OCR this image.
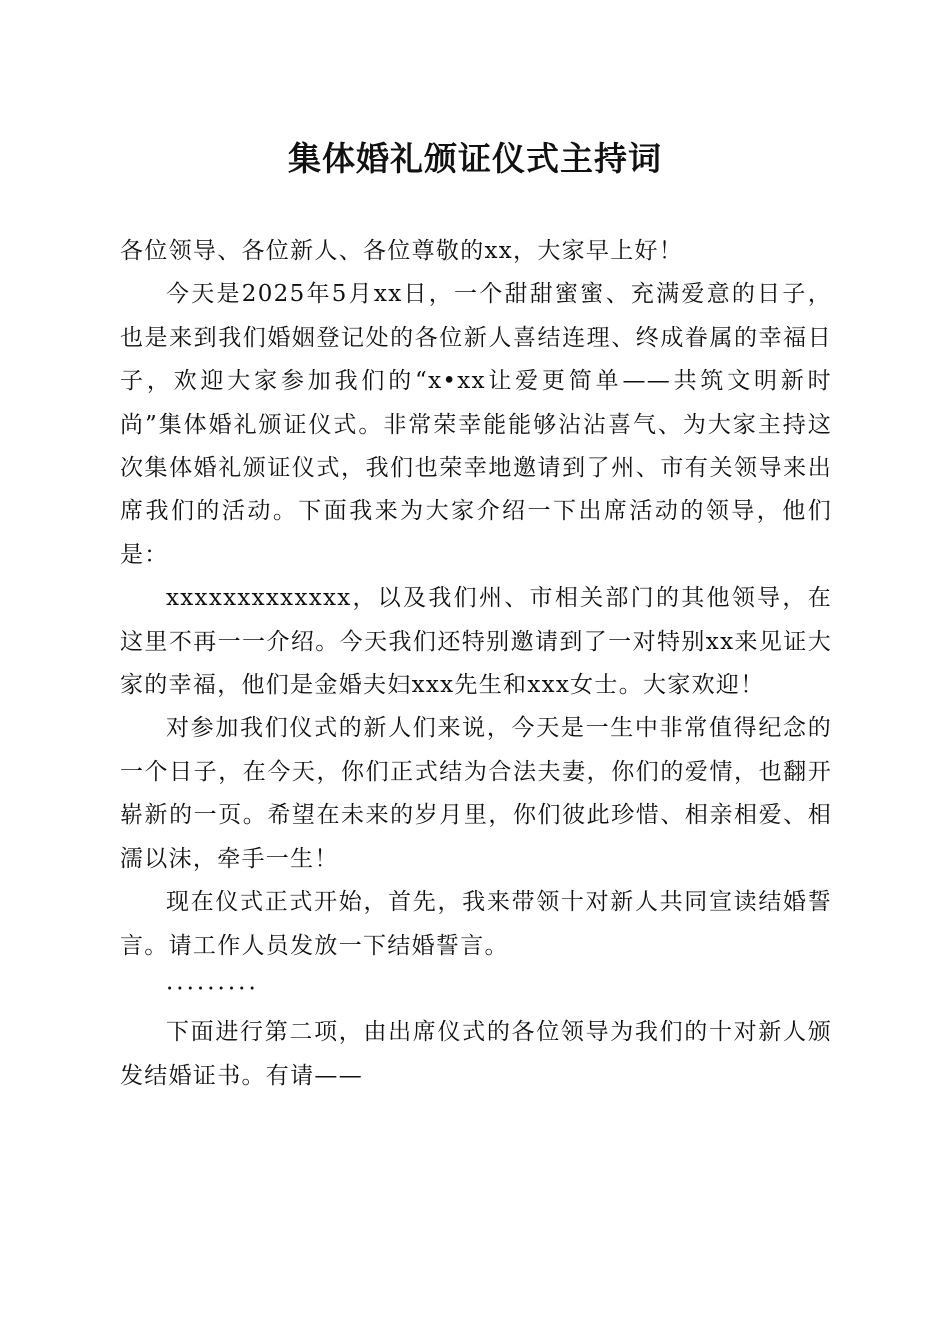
集体婚礼颁证仪式主持词

各位领导、各位新人、各位尊敬的xx，大家早上好！

今天是2025年5月xx日，一个甜甜蜜蜜、充满爱意的日子，也是来到我们婚姻登记处的各位新人喜结连理、终成眷属的幸福日子，欢迎大家参加我们的“x•xx让爱更简单——共筑文明新时尚”集体婚礼颁证仪式。非常荣幸能能够沾沾喜气、为大家主持这次集体婚礼颁证仪式，我们也荣幸地邀请到了州、市有关领导来出席我们的活动。下面我来为大家介绍一下出席活动的领导，他们是：

xxxxxxxxxxxxx，以及我们州、市相关部门的其他领导，在这里不再一一介绍。今天我们还特别邀请到了一对特别xx来见证大家的幸福，他们是金婚夫妇xxx先生和xxx女士。大家欢迎！

对参加我们仪式的新人们来说，今天是一生中非常值得纪念的一个日子，在今天，你们正式结为合法夫妻，你们的爱情，也翻开崭新的一页。希望在未来的岁月里，你们彼此珍惜、相亲相爱、相濡以沫，牵手一生！

现在仪式正式开始，首先，我来带领十对新人共同宣读结婚誓言。请工作人员发放一下结婚誓言。

·········

下面进行第二项，由出席仪式的各位领导为我们的十对新人颁发结婚证书。有请——
